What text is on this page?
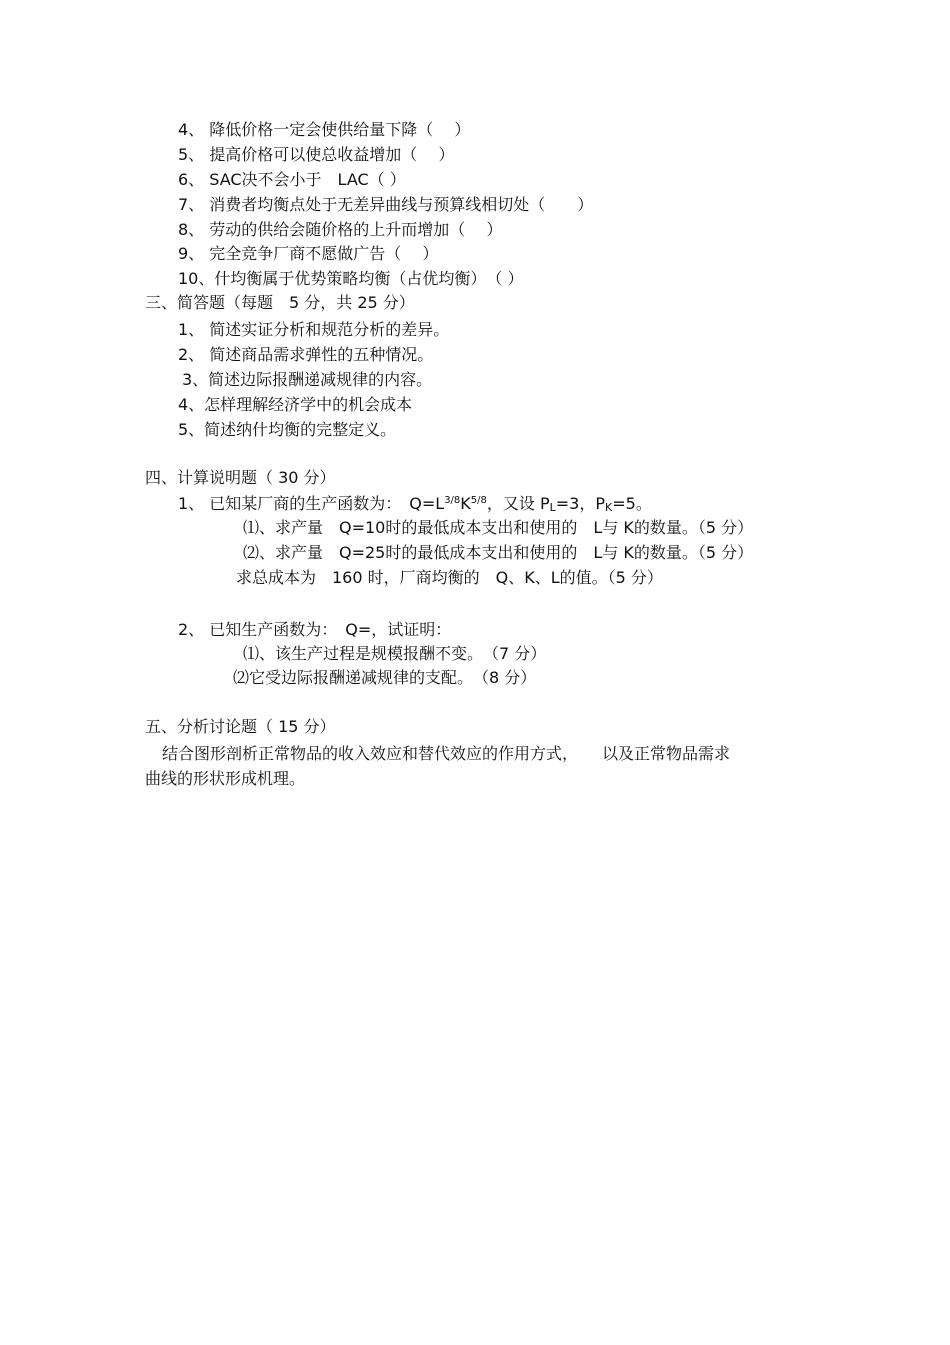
4、 降低价格一定会使供给量下降（　 ）
5、 提高价格可以使总收益增加（　 ）
6、 SAC决不会小于　LAC（ ）
7、 消费者均衡点处于无差异曲线与预算线相切处（　　）
8、 劳动的供给会随价格的上升而增加（　 ）
9、 完全竞争厂商不愿做广告（　 ）
10、什均衡属于优势策略均衡（占优均衡）　（ ）
三、简答题（每题　5 分，共 25 分）
1、 简述实证分析和规范分析的差异。
2、 简述商品需求弹性的五种情况。
3、简述边际报酬递减规律的内容。
4、怎样理解经济学中的机会成本
5、简述纳什均衡的完整定义。
四、计算说明题（ 30 分）
1、 已知某厂商的生产函数为：　$Q=L^{3/8}K^{5/8}$，又设 $P_L=3$，$P_K=5$。
⑴、求产量　Q=10时的最低成本支出和使用的　L与 K的数量。（5 分）
⑵、求产量　Q=25时的最低成本支出和使用的　L与 K的数量。（5 分）
求总成本为　160 时，厂商均衡的　Q、K、L的值。（5 分）
2、 已知生产函数为：　Q=，试证明：
⑴、该生产过程是规模报酬不变。　（7 分）
⑵它受边际报酬递减规律的支配。　（8 分）
五、分析讨论题（ 15 分）
结合图形剖析正常物品的收入效应和替代效应的作用方式，　　以及正常物品需求
曲线的形状形成机理。
